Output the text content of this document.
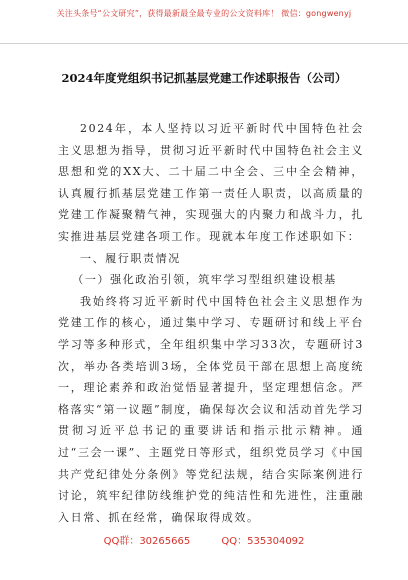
关注头条号“公文研究”，获得最新最全最专业的公文资料库！ 微信：gongwenyj
2024年度党组织书记抓基层党建工作述职报告（公司）

2024年，本人坚持以习近平新时代中国特色社会主义思想为指导，贯彻习近平新时代中国特色社会主义思想和党的XX大、二十届二中全会、三中全会精神，认真履行抓基层党建工作第一责任人职责，以高质量的党建工作凝聚精气神，实现强大的内聚力和战斗力，扎实推进基层党建各项工作。现就本年度工作述职如下：

一、履行职责情况

（一）强化政治引领，筑牢学习型组织建设根基

我始终将习近平新时代中国特色社会主义思想作为党建工作的核心，通过集中学习、专题研讨和线上平台学习等多种形式，全年组织集中学习33次，专题研讨3次，举办各类培训3场，全体党员干部在思想上高度统一，理论素养和政治觉悟显著提升，坚定理想信念。严格落实“第一议题”制度，确保每次会议和活动首先学习贯彻习近平总书记的重要讲话和指示批示精神。通过“三会一课”、主题党日等形式，组织党员学习《中国共产党纪律处分条例》等党纪法规，结合实际案例进行讨论，筑牢纪律防线维护党的纯洁性和先进性，注重融入日常、抓在经常，确保取得成效。

QQ群：30265665	QQ：535304092
